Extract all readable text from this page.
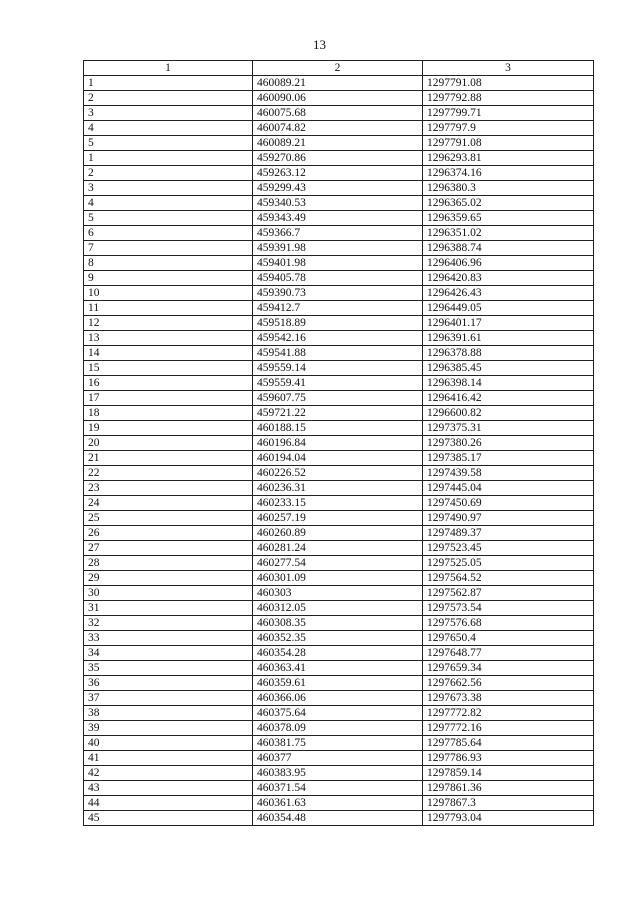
13
1	2	3
1	460089.21	1297791.08
2	460090.06	1297792.88
3	460075.68	1297799.71
4	460074.82	1297797.9
5	460089.21	1297791.08
1	459270.86	1296293.81
2	459263.12	1296374.16
3	459299.43	1296380.3
4	459340.53	1296365.02
5	459343.49	1296359.65
6	459366.7	1296351.02
7	459391.98	1296388.74
8	459401.98	1296406.96
9	459405.78	1296420.83
10	459390.73	1296426.43
11	459412.7	1296449.05
12	459518.89	1296401.17
13	459542.16	1296391.61
14	459541.88	1296378.88
15	459559.14	1296385.45
16	459559.41	1296398.14
17	459607.75	1296416.42
18	459721.22	1296600.82
19	460188.15	1297375.31
20	460196.84	1297380.26
21	460194.04	1297385.17
22	460226.52	1297439.58
23	460236.31	1297445.04
24	460233.15	1297450.69
25	460257.19	1297490.97
26	460260.89	1297489.37
27	460281.24	1297523.45
28	460277.54	1297525.05
29	460301.09	1297564.52
30	460303	1297562.87
31	460312.05	1297573.54
32	460308.35	1297576.68
33	460352.35	1297650.4
34	460354.28	1297648.77
35	460363.41	1297659.34
36	460359.61	1297662.56
37	460366.06	1297673.38
38	460375.64	1297772.82
39	460378.09	1297772.16
40	460381.75	1297785.64
41	460377	1297786.93
42	460383.95	1297859.14
43	460371.54	1297861.36
44	460361.63	1297867.3
45	460354.48	1297793.04
